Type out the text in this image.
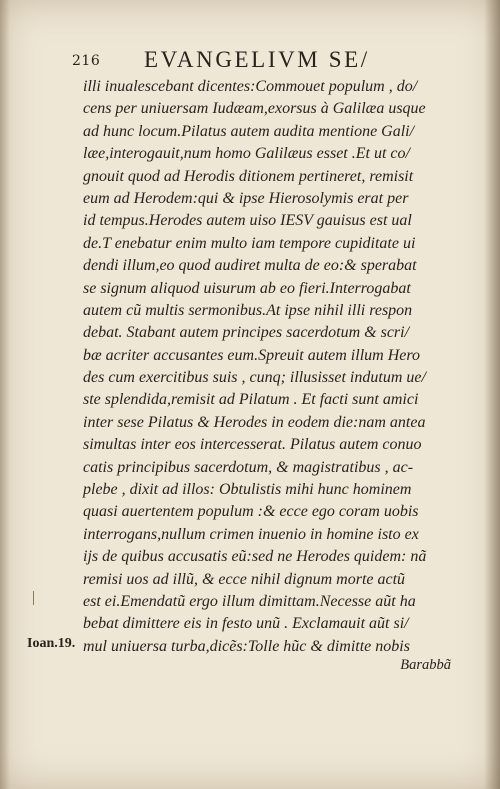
216 EVANGELIVM SE/
illi inualescebant dicentes:Commouet populum , do/
cens per uniuersam Iudæam,exorsus à Galilæa usque
ad hunc locum.Pilatus autem audita mentione Gali/
læe,interogauit,num homo Galilæus esset .Et ut co/
gnouit quod ad Herodis ditionem pertineret, remisit
eum ad Herodem:qui & ipse Hierosolymis erat per
id tempus.Herodes autem uiso IESV gauisus est ual
de.T enebatur enim multo iam tempore cupiditate ui
dendi illum,eo quod audiret multa de eo:& sperabat
se signum aliquod uisurum ab eo fieri.Interrogabat
autem cũ multis sermonibus.At ipse nihil illi respon
debat. Stabant autem principes sacerdotum & scri/
bæ acriter accusantes eum.Spreuit autem illum Hero
des cum exercitibus suis , cunq; illusisset indutum ue/
ste splendida,remisit ad Pilatum . Et facti sunt amici
inter sese Pilatus & Herodes in eodem die:nam antea
simultas inter eos intercesserat. Pilatus autem conuo
catis principibus sacerdotum, & magistratibus , ac-
plebe , dixit ad illos: Obtulistis mihi hunc hominem
quasi auertentem populum :& ecce ego coram uobis
interrogans,nullum crimen inuenio in homine isto ex
ijs de quibus accusatis eũ:sed ne Herodes quidem: nã
remisi uos ad illũ, & ecce nihil dignum morte actũ
est ei.Emendatũ ergo illum dimittam.Necesse aũt ha
bebat dimittere eis in festo unũ . Exclamauit aũt si/
mul uniuersa turba,dicẽs:Tolle hũc & dimitte nobis
Ioan.19.
Barabbã
